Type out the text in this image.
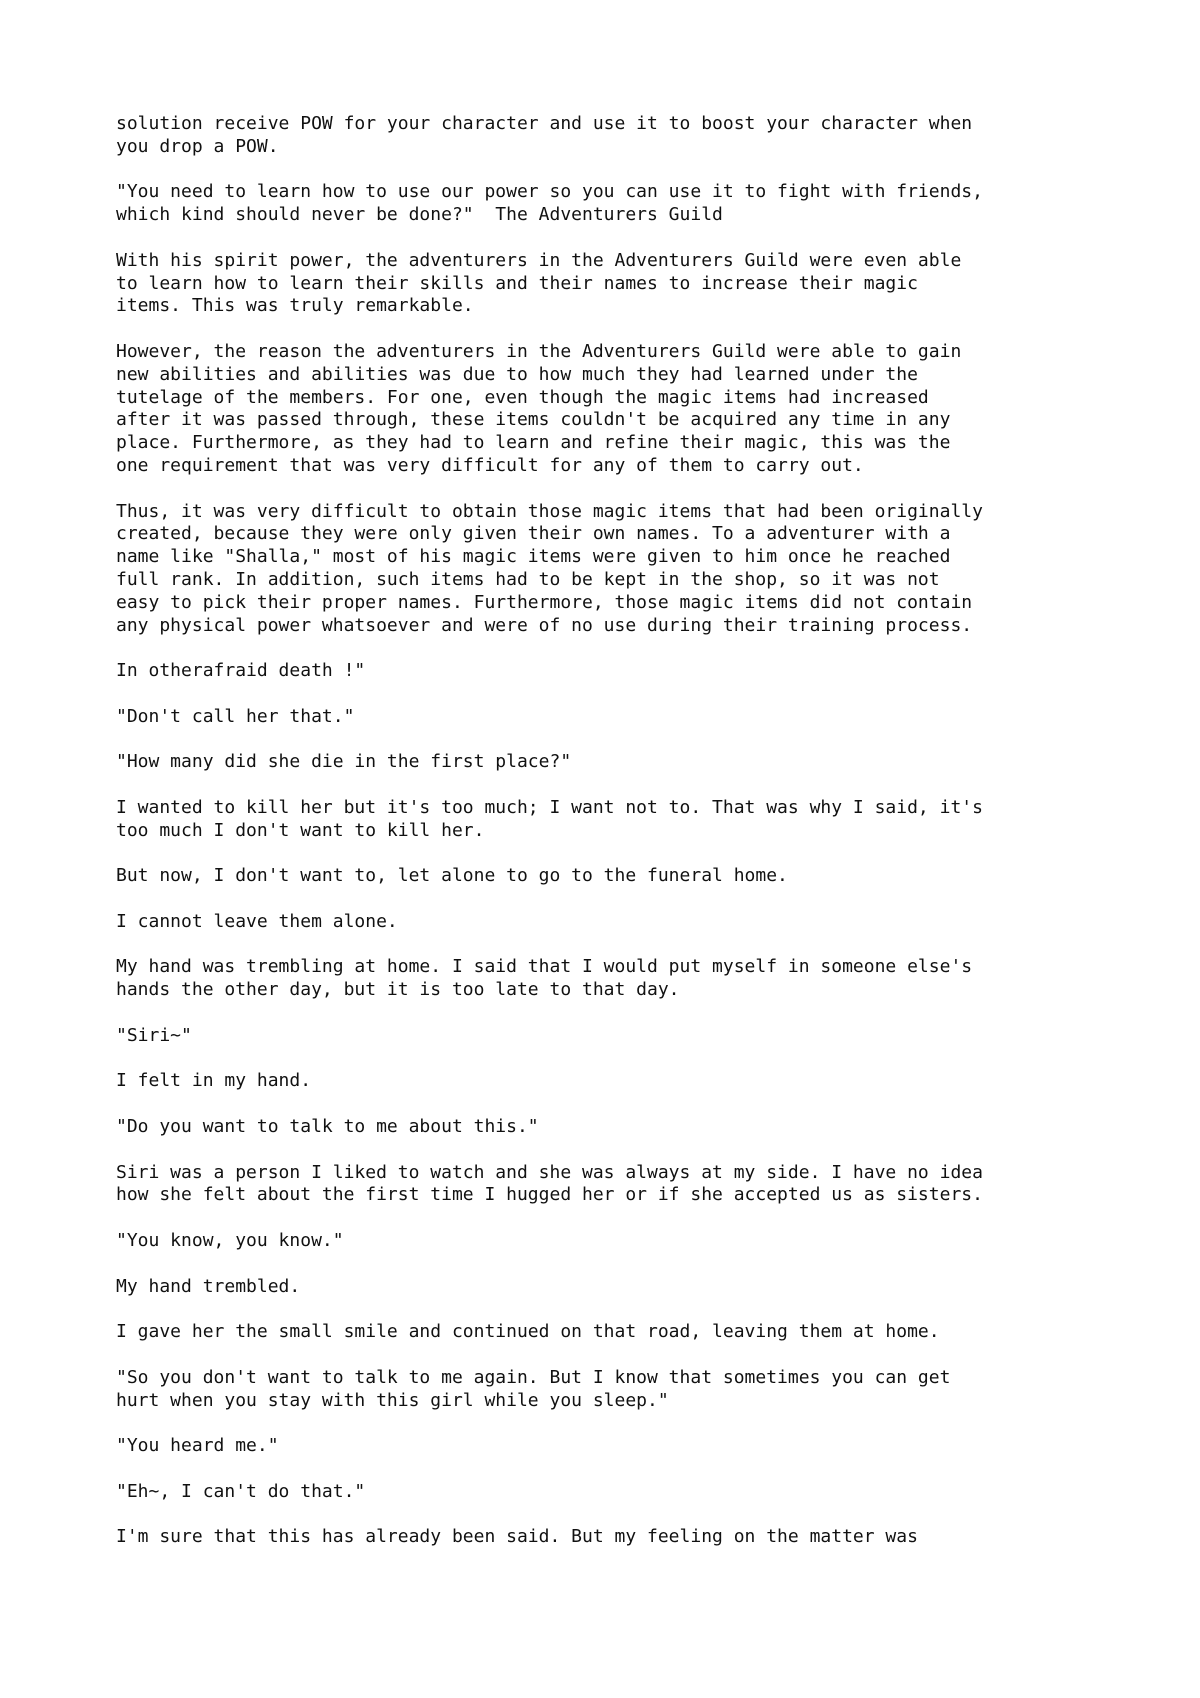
solution receive POW for your character and use it to boost your character when
you drop a POW.

"You need to learn how to use our power so you can use it to fight with friends,
which kind should never be done?"  The Adventurers Guild

With his spirit power, the adventurers in the Adventurers Guild were even able
to learn how to learn their skills and their names to increase their magic
items. This was truly remarkable.

However, the reason the adventurers in the Adventurers Guild were able to gain
new abilities and abilities was due to how much they had learned under the
tutelage of the members. For one, even though the magic items had increased
after it was passed through, these items couldn't be acquired any time in any
place. Furthermore, as they had to learn and refine their magic, this was the
one requirement that was very difficult for any of them to carry out.

Thus, it was very difficult to obtain those magic items that had been originally
created, because they were only given their own names. To a adventurer with a
name like "Shalla," most of his magic items were given to him once he reached
full rank. In addition, such items had to be kept in the shop, so it was not
easy to pick their proper names. Furthermore, those magic items did not contain
any physical power whatsoever and were of no use during their training process.

In otherafraid death !"

"Don't call her that."

"How many did she die in the first place?"

I wanted to kill her but it's too much; I want not to. That was why I said, it's
too much I don't want to kill her.

But now, I don't want to, let alone to go to the funeral home.

I cannot leave them alone.

My hand was trembling at home. I said that I would put myself in someone else's
hands the other day, but it is too late to that day.

"Siri~"

I felt in my hand.

"Do you want to talk to me about this."

Siri was a person I liked to watch and she was always at my side. I have no idea
how she felt about the first time I hugged her or if she accepted us as sisters.

"You know, you know."

My hand trembled.

I gave her the small smile and continued on that road, leaving them at home.

"So you don't want to talk to me again. But I know that sometimes you can get
hurt when you stay with this girl while you sleep."

"You heard me."

"Eh~, I can't do that."

I'm sure that this has already been said. But my feeling on the matter was
